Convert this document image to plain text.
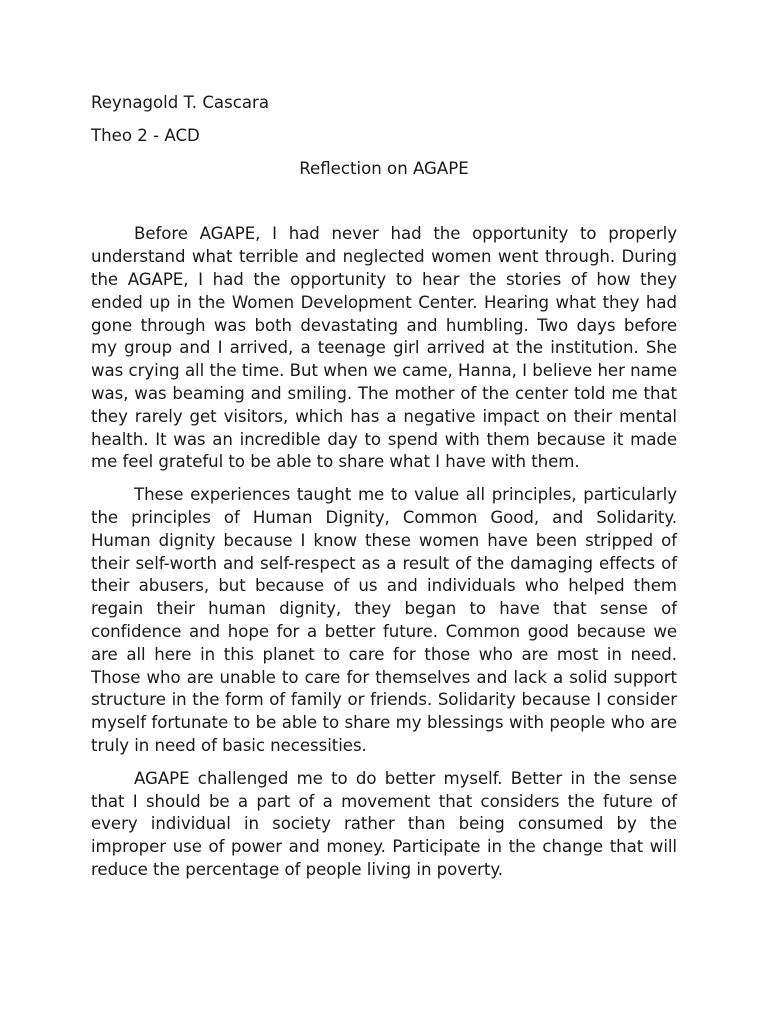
Reynagold T. Cascara

Theo 2 - ACD

Reflection on AGAPE

Before AGAPE, I had never had the opportunity to properly understand what terrible and neglected women went through. During the AGAPE, I had the opportunity to hear the stories of how they ended up in the Women Development Center. Hearing what they had gone through was both devastating and humbling. Two days before my group and I arrived, a teenage girl arrived at the institution. She was crying all the time. But when we came, Hanna, I believe her name was, was beaming and smiling. The mother of the center told me that they rarely get visitors, which has a negative impact on their mental health. It was an incredible day to spend with them because it made me feel grateful to be able to share what I have with them.

These experiences taught me to value all principles, particularly the principles of Human Dignity, Common Good, and Solidarity. Human dignity because I know these women have been stripped of their self-worth and self-respect as a result of the damaging effects of their abusers, but because of us and individuals who helped them regain their human dignity, they began to have that sense of confidence and hope for a better future. Common good because we are all here in this planet to care for those who are most in need. Those who are unable to care for themselves and lack a solid support structure in the form of family or friends. Solidarity because I consider myself fortunate to be able to share my blessings with people who are truly in need of basic necessities.

AGAPE challenged me to do better myself. Better in the sense that I should be a part of a movement that considers the future of every individual in society rather than being consumed by the improper use of power and money. Participate in the change that will reduce the percentage of people living in poverty.
